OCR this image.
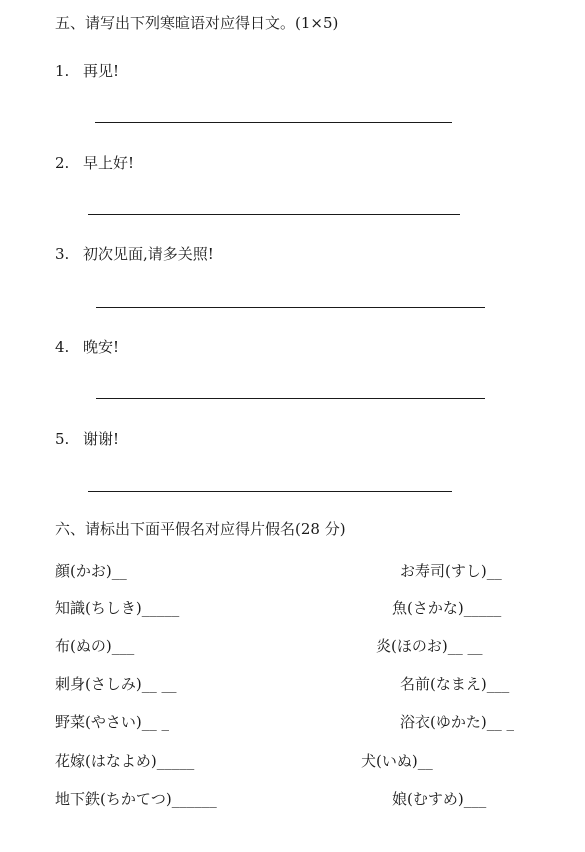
五、请写出下列寒暄语对应得日文。(1×5)
1. 再见!
2. 早上好!
3. 初次见面,请多关照!
4. 晚安!
5. 谢谢!
六、请标出下面平假名对应得片假名(28 分)
顔(かお)__
知識(ちしき)_____
布(ぬの)___
刺身(さしみ)__ __
野菜(やさい)__ _
花嫁(はなよめ)_____
地下鉄(ちかてつ)______
お寿司(すし)__
魚(さかな)_____
炎(ほのお)__ __
名前(なまえ)___
浴衣(ゆかた)__ _
犬(いぬ)__
娘(むすめ)___
